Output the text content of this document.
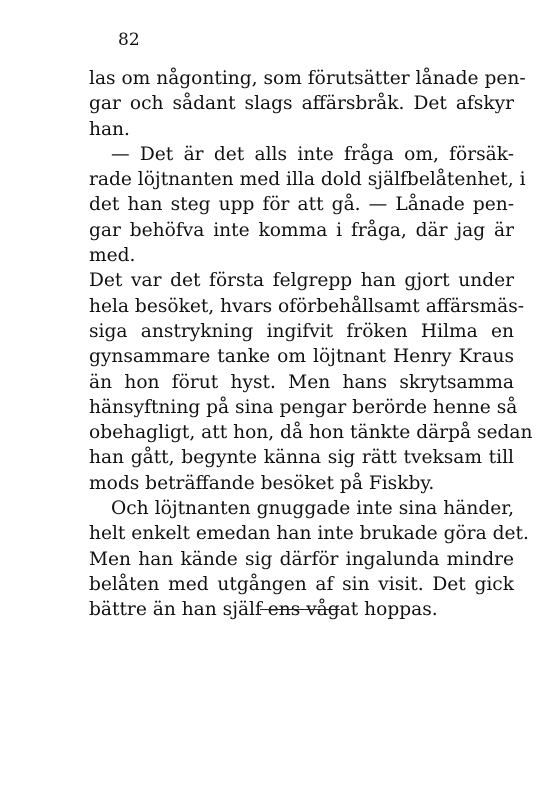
82
las om någonting, som förutsätter lånade pen-
gar och sådant slags affärsbråk. Det afskyr
han.
— Det är det alls inte fråga om, försäk-
rade löjtnanten med illa dold själfbelåtenhet, i
det han steg upp för att gå. — Lånade pen-
gar behöfva inte komma i fråga, där jag är
med.
Det var det första felgrepp han gjort under
hela besöket, hvars oförbehållsamt affärsmäs-
siga anstrykning ingifvit fröken Hilma en
gynsammare tanke om löjtnant Henry Kraus
än hon förut hyst. Men hans skrytsamma
hänsyftning på sina pengar berörde henne så
obehagligt, att hon, då hon tänkte därpå sedan
han gått, begynte känna sig rätt tveksam till
mods beträffande besöket på Fiskby.
Och löjtnanten gnuggade inte sina händer,
helt enkelt emedan han inte brukade göra det.
Men han kände sig därför ingalunda mindre
belåten med utgången af sin visit. Det gick
bättre än han själf ens vågat hoppas.
